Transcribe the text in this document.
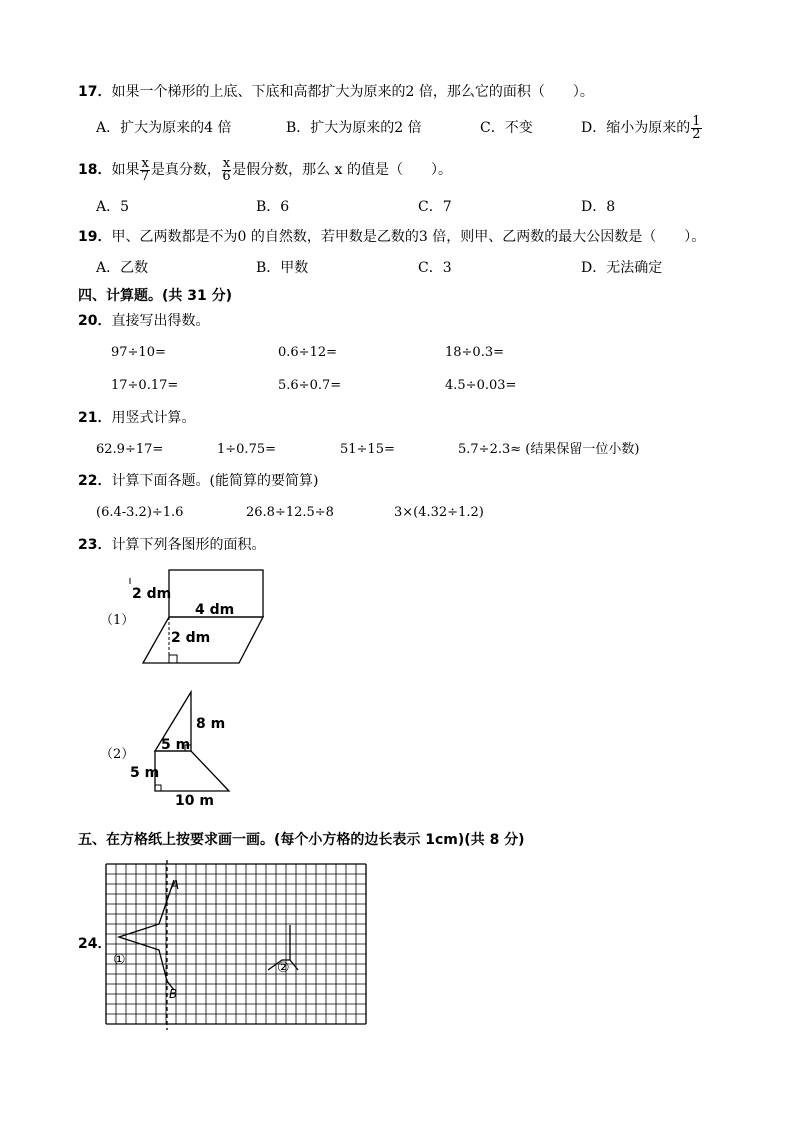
17．如果一个梯形的上底、下底和高都扩大为原来的2 倍，那么它的面积（　　）。
A．扩大为原来的4 倍	B．扩大为原来的2 倍	C．不变	D．缩小为原来的 $\frac{1}{2}$
18．如果 $\frac{x}{7}$ 是真分数， $\frac{x}{6}$ 是假分数，那么 x 的值是（　　）。
A．5	B．6	C．7	D．8
19．甲、乙两数都是不为0 的自然数，若甲数是乙数的3 倍，则甲、乙两数的最大公因数是（　　）。
A．乙数	B．甲数	C．3	D．无法确定
四、计算题。(共 31 分)
20．直接写出得数。
97÷10=	0.6÷12=	18÷0.3=
17÷0.17=	5.6÷0.7=	4.5÷0.03=
21．用竖式计算。
62.9÷17=	1÷0.75=	51÷15=	5.7÷2.3≈ (结果保留一位小数)
22．计算下面各题。(能简算的要简算)
(6.4-3.2)÷1.6	26.8÷12.5÷8	3×(4.32÷1.2)
23．计算下列各图形的面积。
（1）
2 dm
4 dm
2 dm
（2）
8 m
5 m
5 m
10 m
五、在方格纸上按要求画一画。(每个小方格的边长表示 1cm)(共 8 分)
24．
A
B
①	②
